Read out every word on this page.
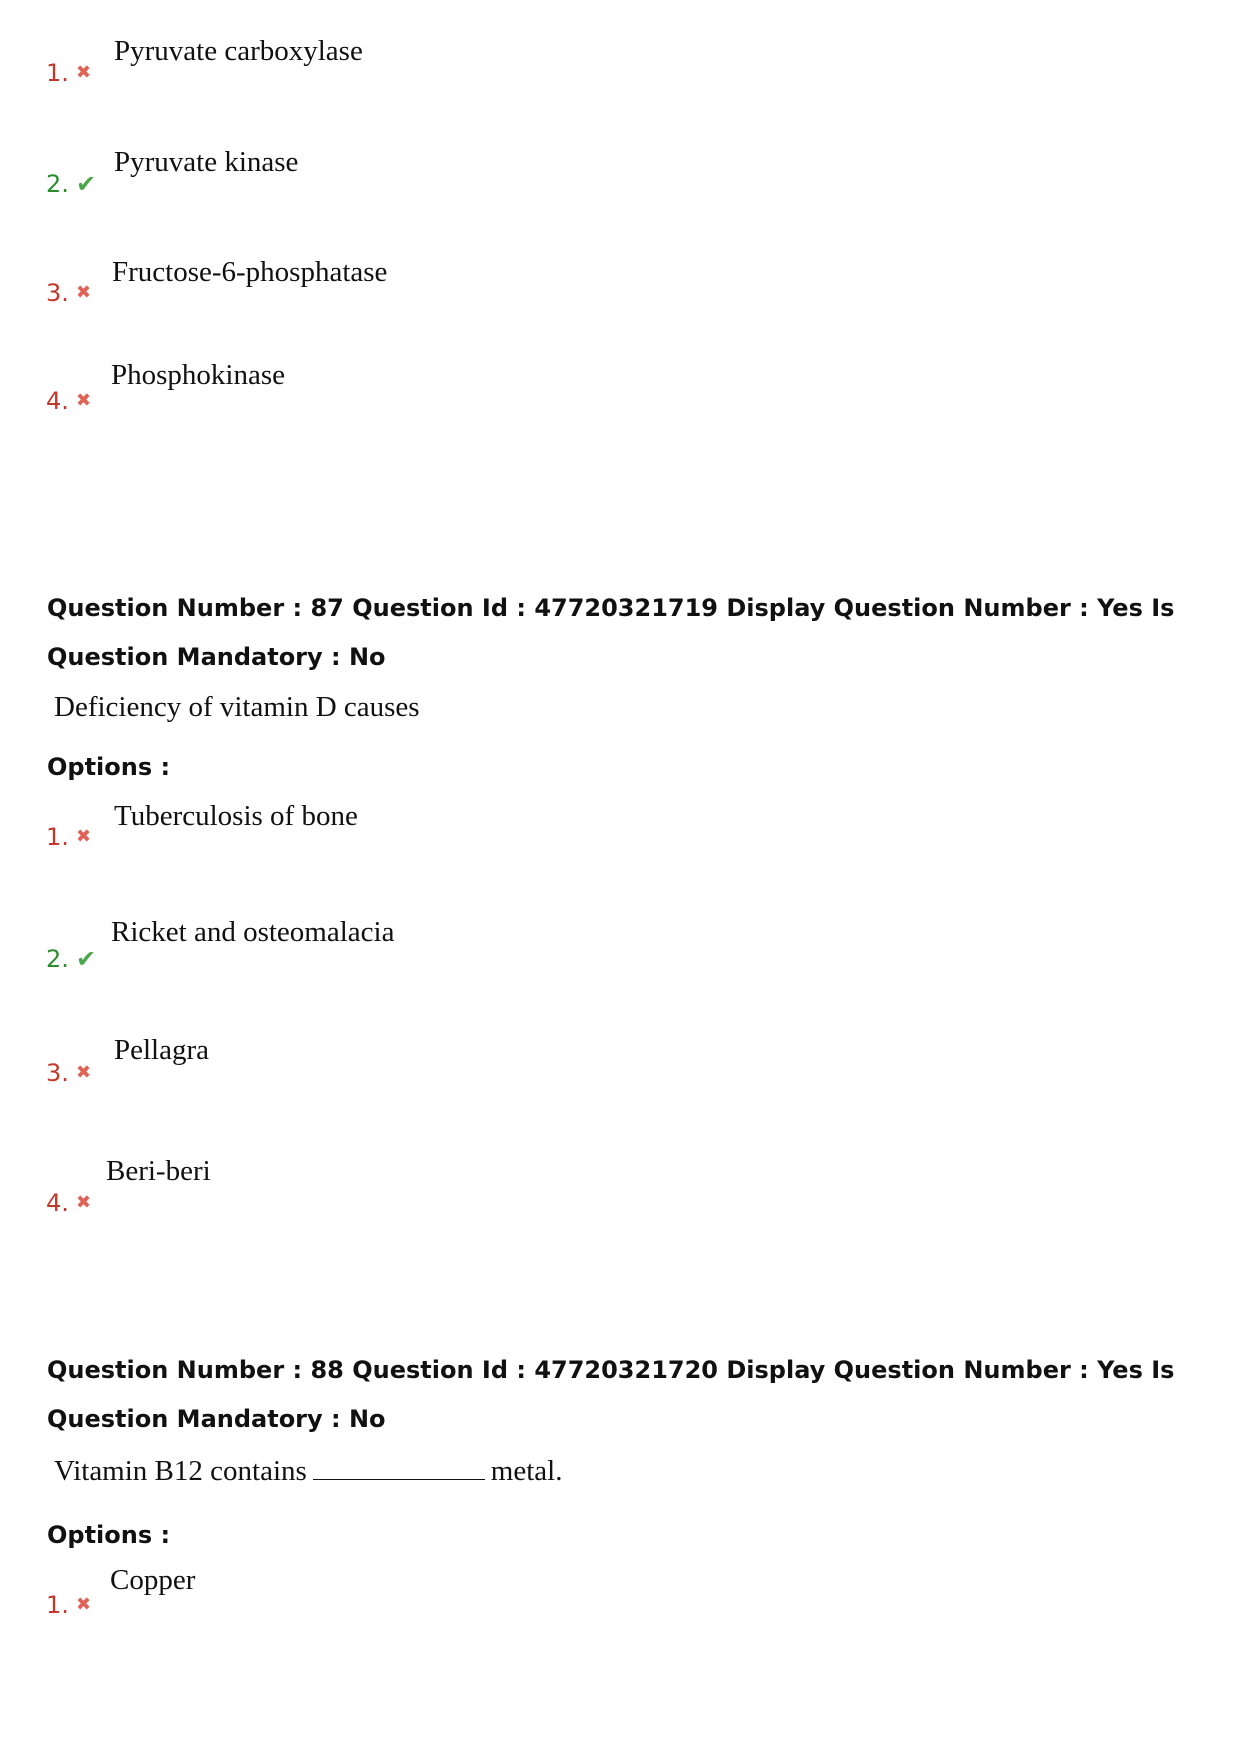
1. ✖
Pyruvate carboxylase
2. ✔
Pyruvate kinase
3. ✖
Fructose-6-phosphatase
4. ✖
Phosphokinase
Question Number : 87 Question Id : 47720321719 Display Question Number : Yes Is Question Mandatory : No
Deficiency of vitamin D causes
Options :
1. ✖
Tuberculosis of bone
2. ✔
Ricket and osteomalacia
3. ✖
Pellagra
4. ✖
Beri-beri
Question Number : 88 Question Id : 47720321720 Display Question Number : Yes Is Question Mandatory : No
Vitamin B12 contains	metal.
Options :
1. ✖
Copper
